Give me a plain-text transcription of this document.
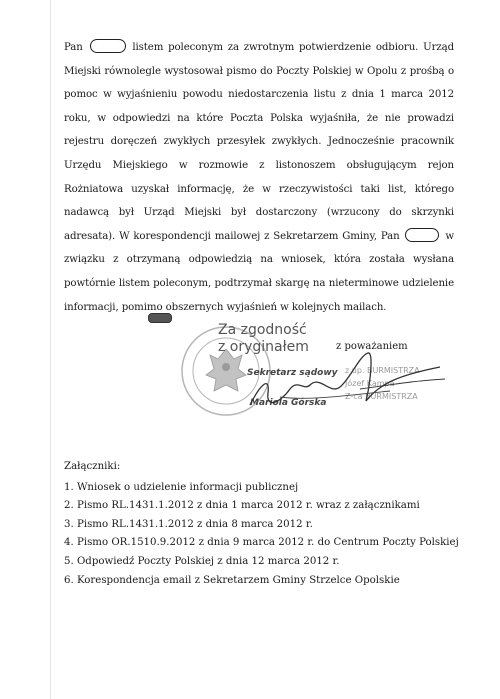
Pan	listem poleconym za zwrotnym potwierdzenie odbioru. Urząd Miejski równolegle wystosował pismo do Poczty Polskiej w Opolu z prośbą o pomoc w wyjaśnieniu powodu niedostarczenia listu z dnia 1 marca 2012 roku, w odpowiedzi na które Poczta Polska wyjaśniła, że nie prowadzi rejestru doręczeń zwykłych przesyłek zwykłych. Jednocześnie pracownik Urzędu Miejskiego w rozmowie z listonoszem obsługującym rejon Rożniatowa uzyskał informację, że w rzeczywistości taki list, którego nadawcą był Urząd Miejski był dostarczony (wrzucony do skrzynki adresata). W korespondencji mailowej z Sekretarzem Gminy, Pan	w związku z otrzymaną odpowiedzią na wniosek, która została wysłana powtórnie listem poleconym, podtrzymał skargę na nieterminowe udzielenie informacji, pomimo obszernych wyjaśnień w kolejnych mailach.
Za zgodność
z oryginałem	z poważaniem
z up. BURMISTRZA
Józef Kampa
Z-ca BURMISTRZA
Sekretarz sądowy
Mariola Górska
Załączniki:
1. Wniosek o udzielenie informacji publicznej
2. Pismo RL.1431.1.2012 z dnia 1 marca 2012 r. wraz z załącznikami
3. Pismo RL.1431.1.2012 z dnia 8 marca 2012 r.
4. Pismo OR.1510.9.2012 z dnia 9 marca 2012 r. do Centrum Poczty Polskiej
5. Odpowiedź Poczty Polskiej z dnia 12 marca 2012 r.
6. Korespondencja email z Sekretarzem Gminy Strzelce Opolskie
